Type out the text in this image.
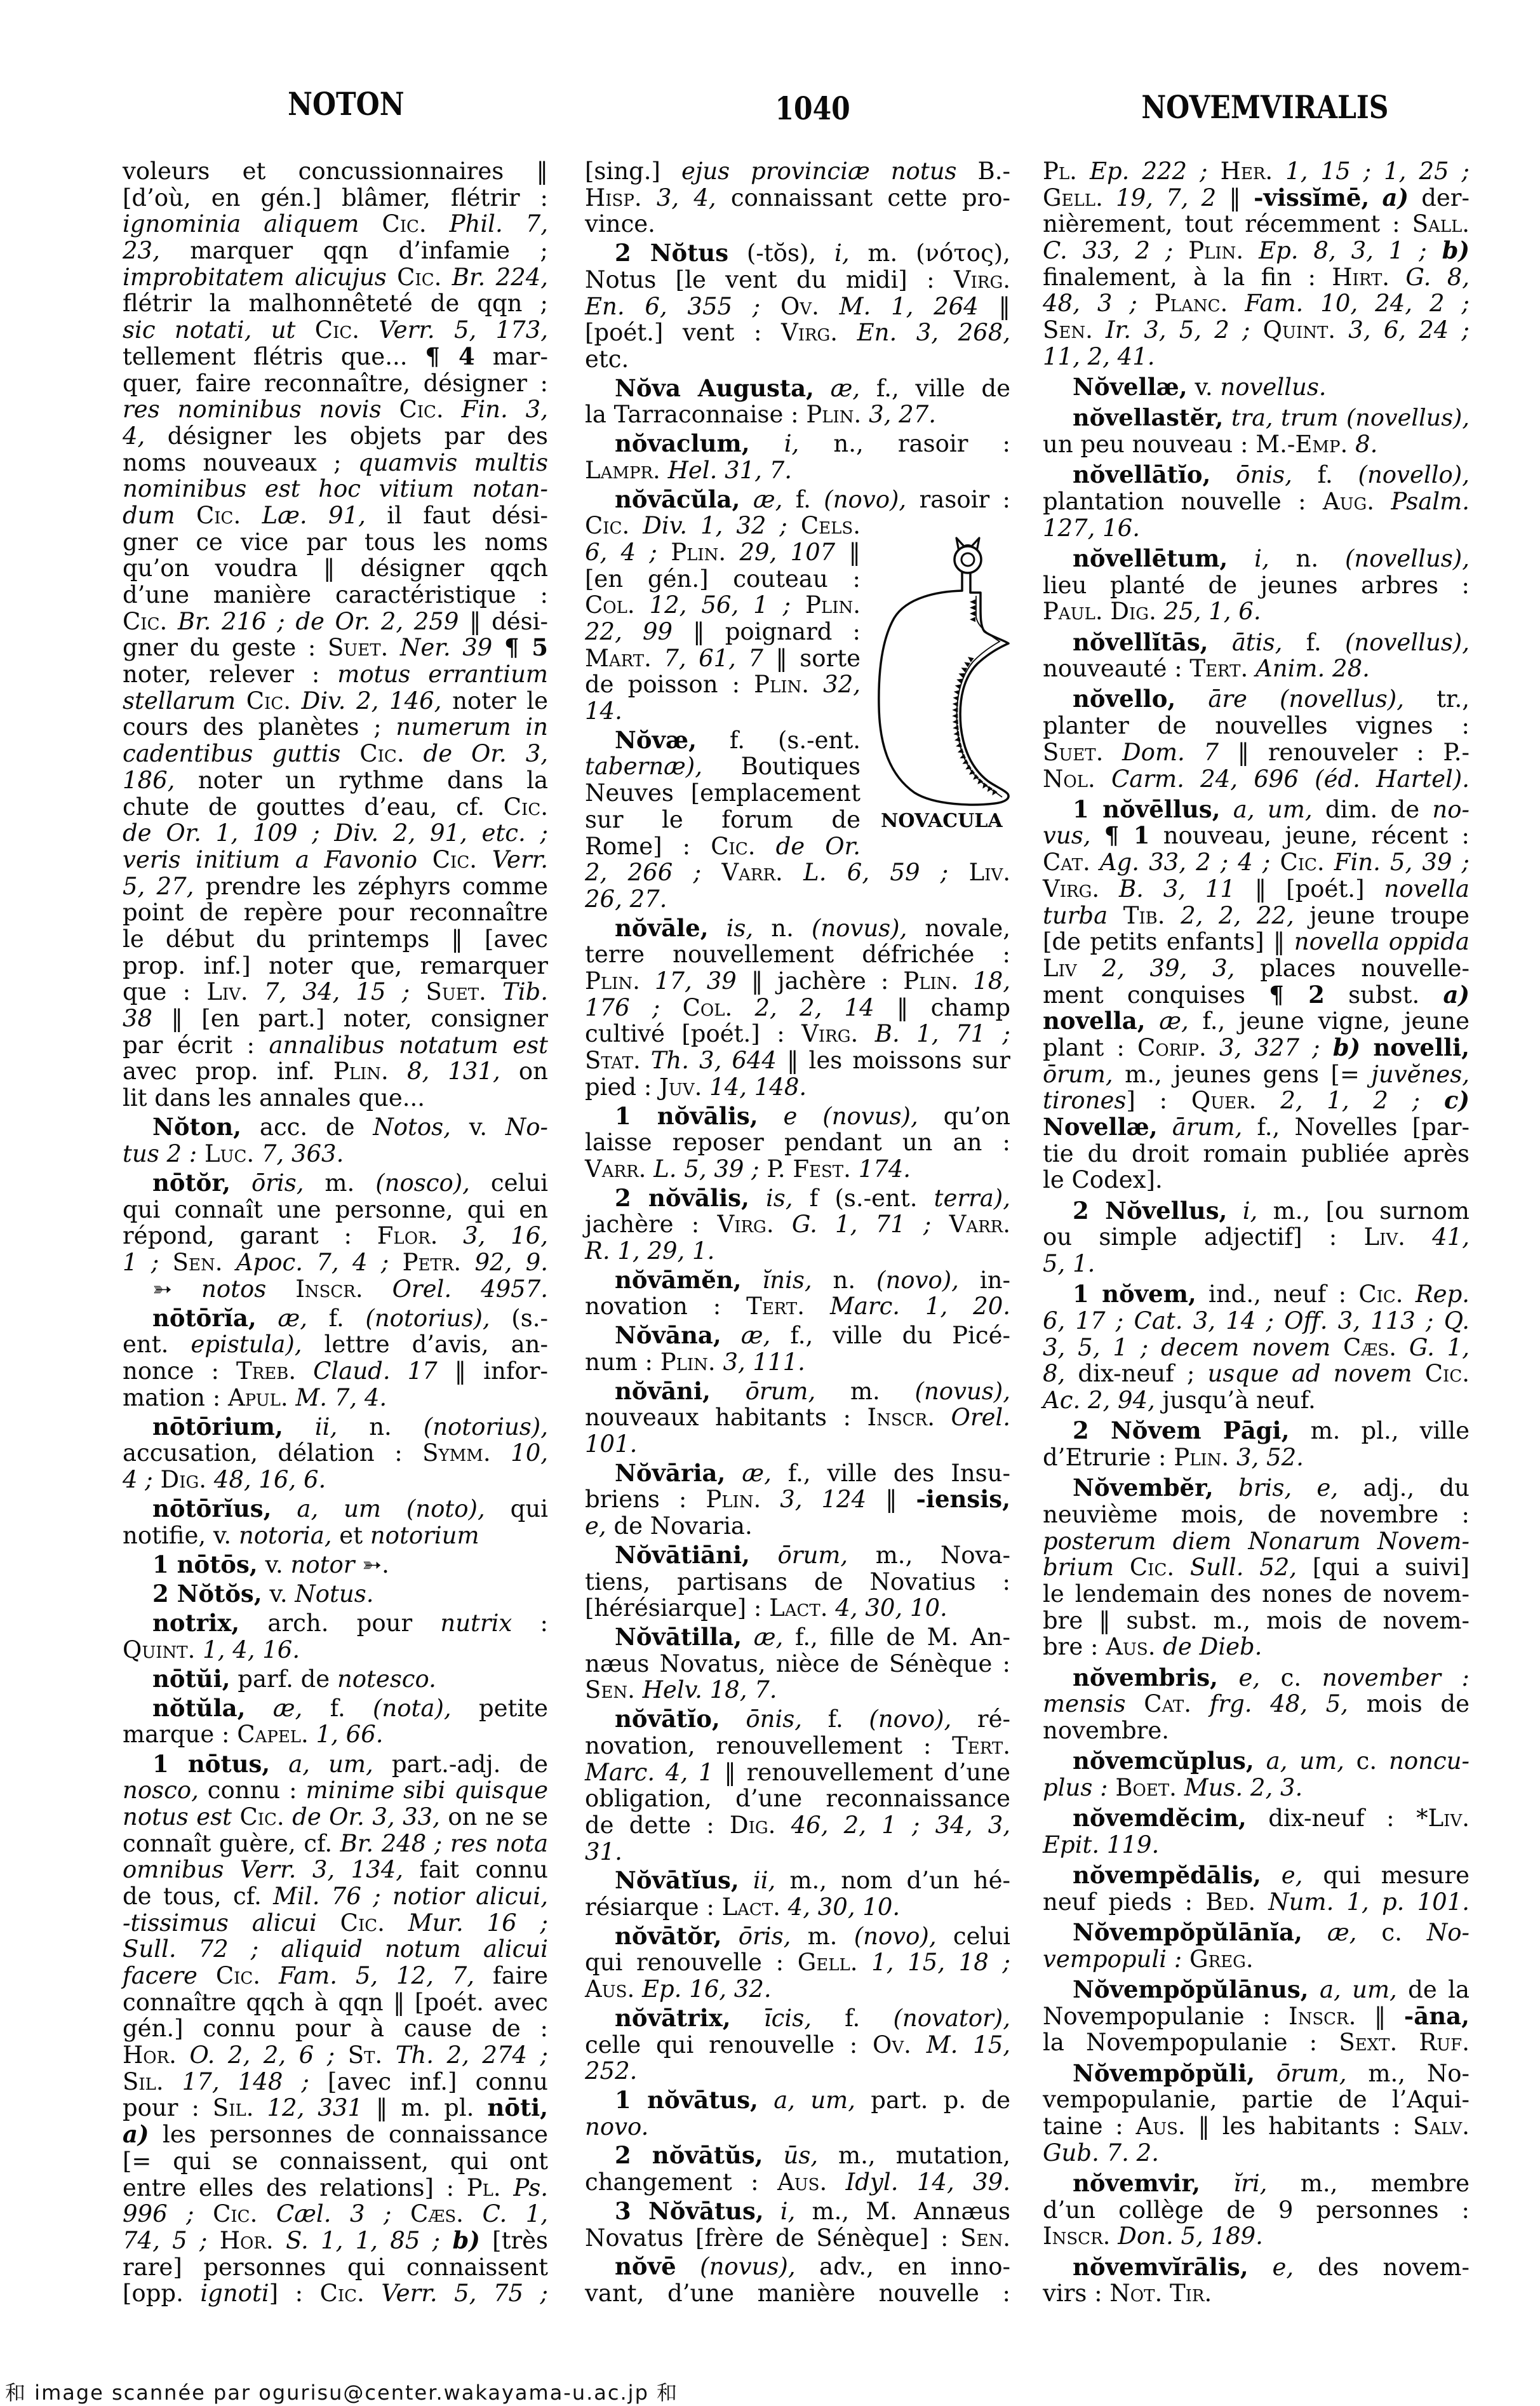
NOTON	1040	NOVEMVIRALIS
voleurs et concussionnaires ‖
[d’où, en gén.] blâmer, flétrir :
ignominia aliquem Cic. Phil. 7,
23, marquer qqn d’infamie ;
improbitatem alicujus Cic. Br. 224,
flétrir la malhonnêteté de qqn ;
sic notati, ut Cic. Verr. 5, 173,
tellement flétris que... ¶ 4 mar-
quer, faire reconnaître, désigner :
res nominibus novis Cic. Fin. 3,
4, désigner les objets par des
noms nouveaux ; quamvis multis
nominibus est hoc vitium notan-
dum Cic. Læ. 91, il faut dési-
gner ce vice par tous les noms
qu’on voudra ‖ désigner qqch
d’une manière caractéristique :
Cic. Br. 216 ; de Or. 2, 259 ‖ dési-
gner du geste : Suet. Ner. 39 ¶ 5
noter, relever : motus errantium
stellarum Cic. Div. 2, 146, noter le
cours des planètes ; numerum in
cadentibus guttis Cic. de Or. 3,
186, noter un rythme dans la
chute de gouttes d’eau, cf. Cic.
de Or. 1, 109 ; Div. 2, 91, etc. ;
veris initium a Favonio Cic. Verr.
5, 27, prendre les zéphyrs comme
point de repère pour reconnaître
le début du printemps ‖ [avec
prop. inf.] noter que, remarquer
que : Liv. 7, 34, 15 ; Suet. Tib.
38 ‖ [en part.] noter, consigner
par écrit : annalibus notatum est
avec prop. inf. Plin. 8, 131, on
lit dans les annales que...
Nŏton, acc. de Notos, v. No-
tus 2 : Luc. 7, 363.
nōtŏr, ōris, m. (nosco), celui
qui connaît une personne, qui en
répond, garant : Flor. 3, 16,
1 ; Sen. Apoc. 7, 4 ; Petr. 92, 9.
➳ notos Inscr. Orel. 4957.
nōtōrĭa, æ, f. (notorius), (s.-
ent. epistula), lettre d’avis, an-
nonce : Treb. Claud. 17 ‖ infor-
mation : Apul. M. 7, 4.
nōtōrium, ii, n. (notorius),
accusation, délation : Symm. 10,
4 ; Dig. 48, 16, 6.
nōtōrĭus, a, um (noto), qui
notifie, v. notoria, et notorium
1 nōtōs, v. notor ➳.
2 Nŏtŏs, v. Notus.
notrix, arch. pour nutrix :
Quint. 1, 4, 16.
nōtŭi, parf. de notesco.
nŏtŭla, æ, f. (nota), petite
marque : Capel. 1, 66.
1 nōtus, a, um, part.-adj. de
nosco, connu : minime sibi quisque
notus est Cic. de Or. 3, 33, on ne se
connaît guère, cf. Br. 248 ; res nota
omnibus Verr. 3, 134, fait connu
de tous, cf. Mil. 76 ; notior alicui,
-tissimus alicui Cic. Mur. 16 ;
Sull. 72 ; aliquid notum alicui
facere Cic. Fam. 5, 12, 7, faire
connaître qqch à qqn ‖ [poét. avec
gén.] connu pour à cause de :
Hor. O. 2, 2, 6 ; St. Th. 2, 274 ;
Sil. 17, 148 ; [avec inf.] connu
pour : Sil. 12, 331 ‖ m. pl. nōti,
a) les personnes de connaissance
[= qui se connaissent, qui ont
entre elles des relations] : Pl. Ps.
996 ; Cic. Cæl. 3 ; Cæs. C. 1,
74, 5 ; Hor. S. 1, 1, 85 ; b) [très
rare] personnes qui connaissent
[opp. ignoti] : Cic. Verr. 5, 75 ;
[sing.] ejus provinciæ notus B.-
Hisp. 3, 4, connaissant cette pro-
vince.
2 Nŏtus (-tŏs), i, m. (νότος),
Notus [le vent du midi] : Virg.
En. 6, 355 ; Ov. M. 1, 264 ‖
[poét.] vent : Virg. En. 3, 268,
etc.
Nŏva Augusta, æ, f., ville de
la Tarraconnaise : Plin. 3, 27.
nŏvaclum, i, n., rasoir :
Lampr. Hel. 31, 7.
nŏvācŭla, æ, f. (novo), rasoir :
Cic. Div. 1, 32 ; Cels.
6, 4 ; Plin. 29, 107 ‖
[en gén.] couteau :
Col. 12, 56, 1 ; Plin.
22, 99 ‖ poignard :
Mart. 7, 61, 7 ‖ sorte
de poisson : Plin. 32,
14.
Nŏvæ, f. (s.-ent.
tabernæ), Boutiques
Neuves [emplacement
sur le forum de
Rome] : Cic. de Or.
2, 266 ; Varr. L. 6, 59 ; Liv.
26, 27.
nŏvāle, is, n. (novus), novale,
terre nouvellement défrichée :
Plin. 17, 39 ‖ jachère : Plin. 18,
176 ; Col. 2, 2, 14 ‖ champ
cultivé [poét.] : Virg. B. 1, 71 ;
Stat. Th. 3, 644 ‖ les moissons sur
pied : Juv. 14, 148.
1 nŏvālis, e (novus), qu’on
laisse reposer pendant un an :
Varr. L. 5, 39 ; P. Fest. 174.
2 nŏvālis, is, f (s.-ent. terra),
jachère : Virg. G. 1, 71 ; Varr.
R. 1, 29, 1.
nŏvāmĕn, ĭnis, n. (novo), in-
novation : Tert. Marc. 1, 20.
Nŏvāna, æ, f., ville du Picé-
num : Plin. 3, 111.
nŏvāni, ōrum, m. (novus),
nouveaux habitants : Inscr. Orel.
101.
Nŏvāria, æ, f., ville des Insu-
briens : Plin. 3, 124 ‖ -iensis,
e, de Novaria.
Nŏvātiāni, ōrum, m., Nova-
tiens, partisans de Novatius :
[hérésiarque] : Lact. 4, 30, 10.
Nŏvātilla, æ, f., fille de M. An-
næus Novatus, nièce de Sénèque :
Sen. Helv. 18, 7.
nŏvātĭo, ōnis, f. (novo), ré-
novation, renouvellement : Tert.
Marc. 4, 1 ‖ renouvellement d’une
obligation, d’une reconnaissance
de dette : Dig. 46, 2, 1 ; 34, 3,
31.
Nŏvātĭus, ii, m., nom d’un hé-
résiarque : Lact. 4, 30, 10.
nŏvātŏr, ōris, m. (novo), celui
qui renouvelle : Gell. 1, 15, 18 ;
Aus. Ep. 16, 32.
nŏvātrix, īcis, f. (novator),
celle qui renouvelle : Ov. M. 15,
252.
1 nŏvātus, a, um, part. p. de
novo.
2 nŏvātŭs, ūs, m., mutation,
changement : Aus. Idyl. 14, 39.
3 Nŏvātus, i, m., M. Annæus
Novatus [frère de Sénèque] : Sen.
nŏvē (novus), adv., en inno-
vant, d’une manière nouvelle :
Pl. Ep. 222 ; Her. 1, 15 ; 1, 25 ;
Gell. 19, 7, 2 ‖ -vissĭmē, a) der-
nièrement, tout récemment : Sall.
C. 33, 2 ; Plin. Ep. 8, 3, 1 ; b)
finalement, à la fin : Hirt. G. 8,
48, 3 ; Planc. Fam. 10, 24, 2 ;
Sen. Ir. 3, 5, 2 ; Quint. 3, 6, 24 ;
11, 2, 41.
Nŏvellæ, v. novellus.
nŏvellastĕr, tra, trum (novellus),
un peu nouveau : M.-Emp. 8.
nŏvellātĭo, ōnis, f. (novello),
plantation nouvelle : Aug. Psalm.
127, 16.
nŏvellētum, i, n. (novellus),
lieu planté de jeunes arbres :
Paul. Dig. 25, 1, 6.
nŏvellĭtās, ātis, f. (novellus),
nouveauté : Tert. Anim. 28.
nŏvello, āre (novellus), tr.,
planter de nouvelles vignes :
Suet. Dom. 7 ‖ renouveler : P.-
Nol. Carm. 24, 696 (éd. Hartel).
1 nŏvēllus, a, um, dim. de no-
vus, ¶ 1 nouveau, jeune, récent :
Cat. Ag. 33, 2 ; 4 ; Cic. Fin. 5, 39 ;
Virg. B. 3, 11 ‖ [poét.] novella
turba Tib. 2, 2, 22, jeune troupe
[de petits enfants] ‖ novella oppida
Liv 2, 39, 3, places nouvelle-
ment conquises ¶ 2 subst. a)
novella, æ, f., jeune vigne, jeune
plant : Corip. 3, 327 ; b) novelli,
ōrum, m., jeunes gens [= juvĕnes,
tirones] : Quer. 2, 1, 2 ; c)
Novellæ, ārum, f., Novelles [par-
tie du droit romain publiée après
le Codex].
2 Nŏvellus, i, m., [ou surnom
ou simple adjectif] : Liv. 41,
5, 1.
1 nŏvem, ind., neuf : Cic. Rep.
6, 17 ; Cat. 3, 14 ; Off. 3, 113 ; Q.
3, 5, 1 ; decem novem Cæs. G. 1,
8, dix-neuf ; usque ad novem Cic.
Ac. 2, 94, jusqu’à neuf.
2 Nŏvem Pāgi, m. pl., ville
d’Etrurie : Plin. 3, 52.
Nŏvembĕr, bris, e, adj., du
neuvième mois, de novembre :
posterum diem Nonarum Novem-
brium Cic. Sull. 52, [qui a suivi]
le lendemain des nones de novem-
bre ‖ subst. m., mois de novem-
bre : Aus. de Dieb.
nŏvembris, e, c. november :
mensis Cat. frg. 48, 5, mois de
novembre.
nŏvemcŭplus, a, um, c. noncu-
plus : Boet. Mus. 2, 3.
nŏvemdĕcim, dix-neuf : *Liv.
Epit. 119.
nŏvempĕdālis, e, qui mesure
neuf pieds : Bed. Num. 1, p. 101.
Nŏvempŏpŭlānĭa, æ, c. No-
vempopuli : Greg.
Nŏvempŏpŭlānus, a, um, de la
Novempopulanie : Inscr. ‖ -āna,
la Novempopulanie : Sext. Ruf.
Nŏvempŏpŭli, ōrum, m., No-
vempopulanie, partie de l’Aqui-
taine : Aus. ‖ les habitants : Salv.
Gub. 7. 2.
nŏvemvir, ĭri, m., membre
d’un collège de 9 personnes :
Inscr. Don. 5, 189.
nŏvemvĭrālis, e, des novem-
virs : Not. Tir.
NOVACULA
和 image scannée par ogurisu@center.wakayama-u.ac.jp 和
